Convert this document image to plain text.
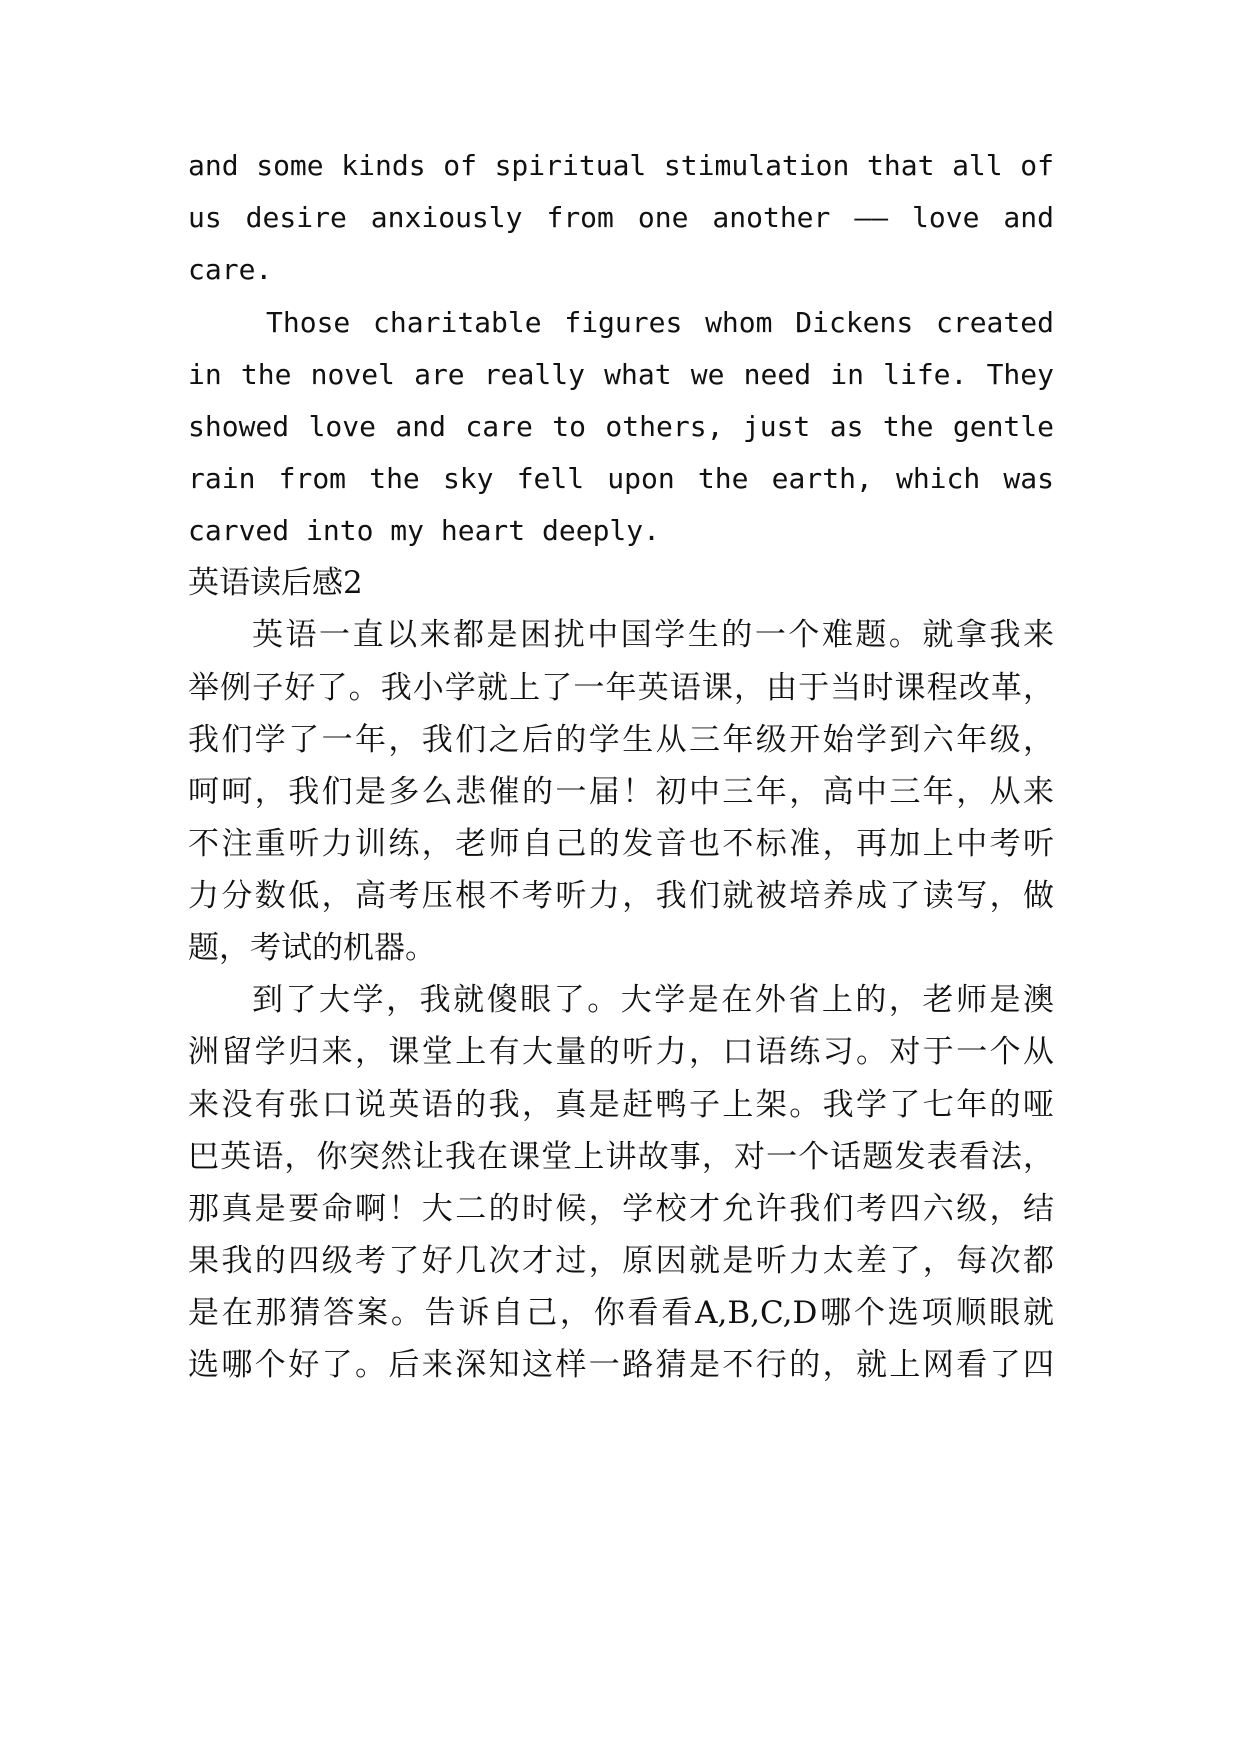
and some kinds of spiritual stimulation that all of
us desire anxiously from one another —— love and
care.
Those charitable figures whom Dickens created
in the novel are really what we need in life. They
showed love and care to others, just as the gentle
rain from the sky fell upon the earth, which was
carved into my heart deeply.
英语读后感2
英语一直以来都是困扰中国学生的一个难题。就拿我来
举例子好了。我小学就上了一年英语课，由于当时课程改革，
我们学了一年，我们之后的学生从三年级开始学到六年级，
呵呵，我们是多么悲催的一届！初中三年，高中三年，从来
不注重听力训练，老师自己的发音也不标准，再加上中考听
力分数低，高考压根不考听力，我们就被培养成了读写，做
题，考试的机器。
到了大学，我就傻眼了。大学是在外省上的，老师是澳
洲留学归来，课堂上有大量的听力，口语练习。对于一个从
来没有张口说英语的我，真是赶鸭子上架。我学了七年的哑
巴英语，你突然让我在课堂上讲故事，对一个话题发表看法，
那真是要命啊！大二的时候，学校才允许我们考四六级，结
果我的四级考了好几次才过，原因就是听力太差了，每次都
是在那猜答案。告诉自己，你看看A,B,C,D哪个选项顺眼就
选哪个好了。后来深知这样一路猜是不行的，就上网看了四
